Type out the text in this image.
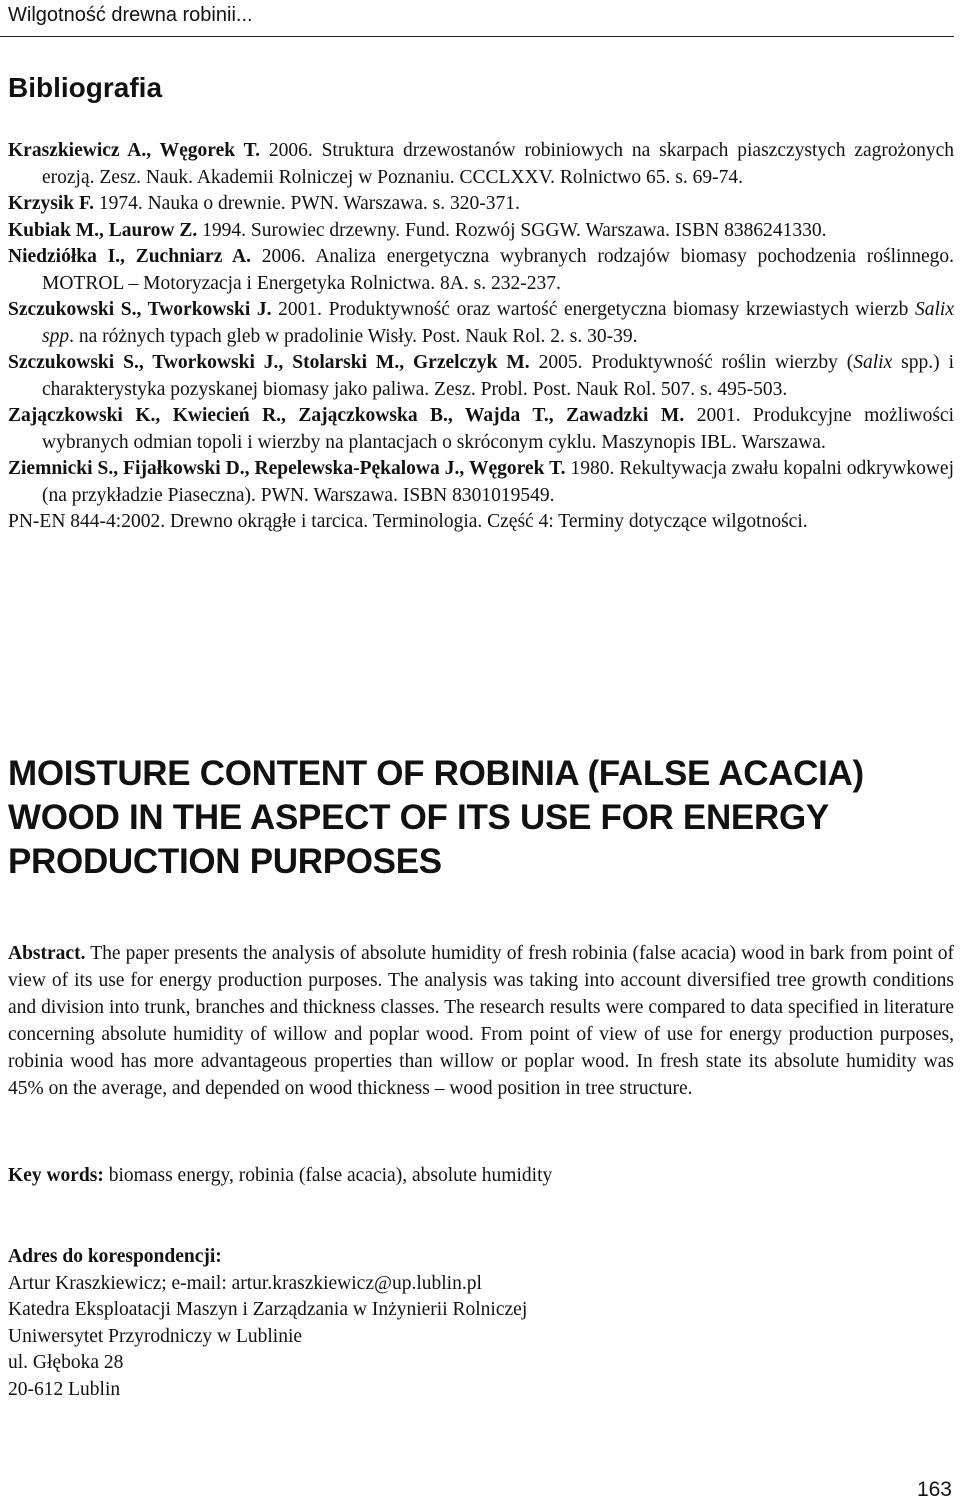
Wilgotność drewna robinii...
Bibliografia
Kraszkiewicz A., Węgorek T. 2006. Struktura drzewostanów robiniowych na skarpach piaszczystych zagrożonych erozją. Zesz. Nauk. Akademii Rolniczej w Poznaniu. CCCLXXV. Rolnictwo 65. s. 69-74.
Krzysik F. 1974. Nauka o drewnie. PWN. Warszawa. s. 320-371.
Kubiak M., Laurow Z. 1994. Surowiec drzewny. Fund. Rozwój SGGW. Warszawa. ISBN 8386241330.
Niedziółka I., Zuchniarz A. 2006. Analiza energetyczna wybranych rodzajów biomasy pochodzenia roślinnego. MOTROL – Motoryzacja i Energetyka Rolnictwa. 8A. s. 232-237.
Szczukowski S., Tworkowski J. 2001. Produktywność oraz wartość energetyczna biomasy krzewiastych wierzb Salix spp. na różnych typach gleb w pradolinie Wisły. Post. Nauk Rol. 2. s. 30-39.
Szczukowski S., Tworkowski J., Stolarski M., Grzelczyk M. 2005. Produktywność roślin wierzby (Salix spp.) i charakterystyka pozyskanej biomasy jako paliwa. Zesz. Probl. Post. Nauk Rol. 507. s. 495-503.
Zajączkowski K., Kwiecień R., Zajączkowska B., Wajda T., Zawadzki M. 2001. Produkcyjne możliwości wybranych odmian topoli i wierzby na plantacjach o skróconym cyklu. Maszynopis IBL. Warszawa.
Ziemnicki S., Fijałkowski D., Repelewska-Pękalowa J., Węgorek T. 1980. Rekultywacja zwału kopalni odkrywkowej (na przykładzie Piaseczna). PWN. Warszawa. ISBN 8301019549.
PN-EN 844-4:2002. Drewno okrągłe i tarcica. Terminologia. Część 4: Terminy dotyczące wilgotności.
MOISTURE CONTENT OF ROBINIA (FALSE ACACIA)
WOOD IN THE ASPECT OF ITS USE FOR ENERGY
PRODUCTION PURPOSES
Abstract. The paper presents the analysis of absolute humidity of fresh robinia (false acacia) wood in bark from point of view of its use for energy production purposes. The analysis was taking into account diversified tree growth conditions and division into trunk, branches and thickness classes. The research results were compared to data specified in literature concerning absolute humidity of willow and poplar wood. From point of view of use for energy production purposes, robinia wood has more advantageous properties than willow or poplar wood. In fresh state its absolute humidity was 45% on the average, and depended on wood thickness – wood position in tree structure.
Key words: biomass energy, robinia (false acacia), absolute humidity
Adres do korespondencji:
Artur Kraszkiewicz; e-mail: artur.kraszkiewicz@up.lublin.pl
Katedra Eksploatacji Maszyn i Zarządzania w Inżynierii Rolniczej
Uniwersytet Przyrodniczy w Lublinie
ul. Głęboka 28
20-612 Lublin
163
